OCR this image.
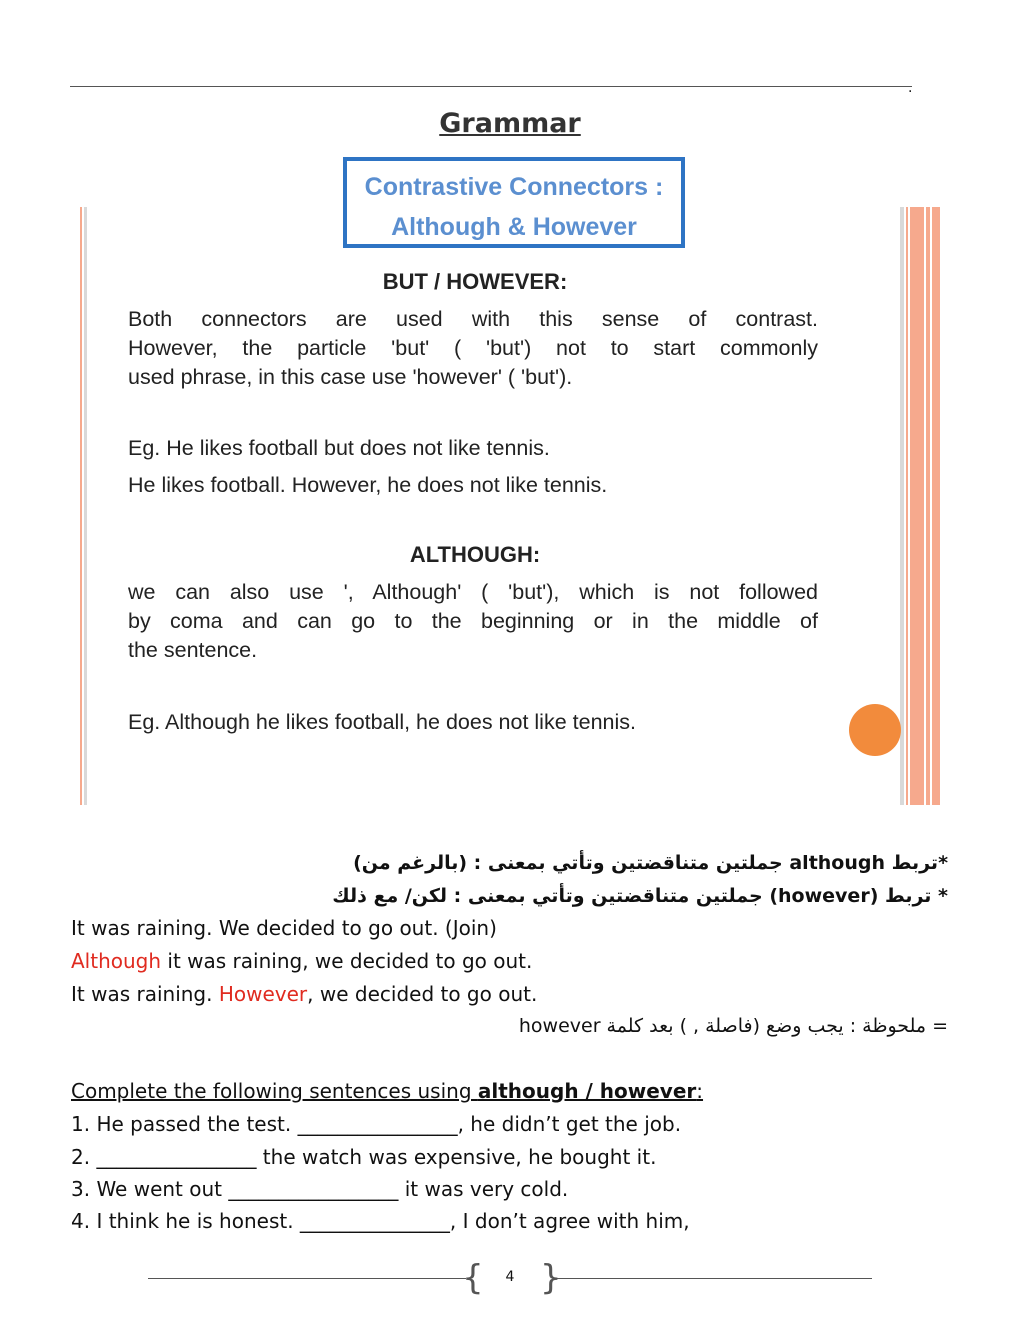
.
Grammar
BUT / HOWEVER:
Both connectors are used with this sense of contrast.
However, the particle 'but' ( 'but') not to start commonly
used phrase, in this case use 'however' ( 'but').
Eg. He likes football but does not like tennis.
He likes football. However, he does not like tennis.
ALTHOUGH:
we can also use ', Although' ( 'but'), which is not followed
by coma and can go to the beginning or in the middle of
the sentence.
Eg. Although he likes football, he does not like tennis.
Contrastive Connectors :
Although & However
*تربط although جملتين متناقضتين وتأتي بمعنى : (بالرغم من)
* تربط (however) جملتين متناقضتين وتأتي بمعنى : لكن/ مع ذلك
It was raining. We decided to go out. (Join)
Although it was raining, we decided to go out.
It was raining. However, we decided to go out.
= ملحوظة : يجب وضع (فاصلة , ) بعد كلمة however
Complete the following sentences using although / however:
1. He passed the test. ________________, he didn’t get the job.
2. ________________ the watch was expensive, he bought it.
3. We went out _________________ it was very cold.
4. I think he is honest. _______________, I don’t agree with him,
{ }
4
